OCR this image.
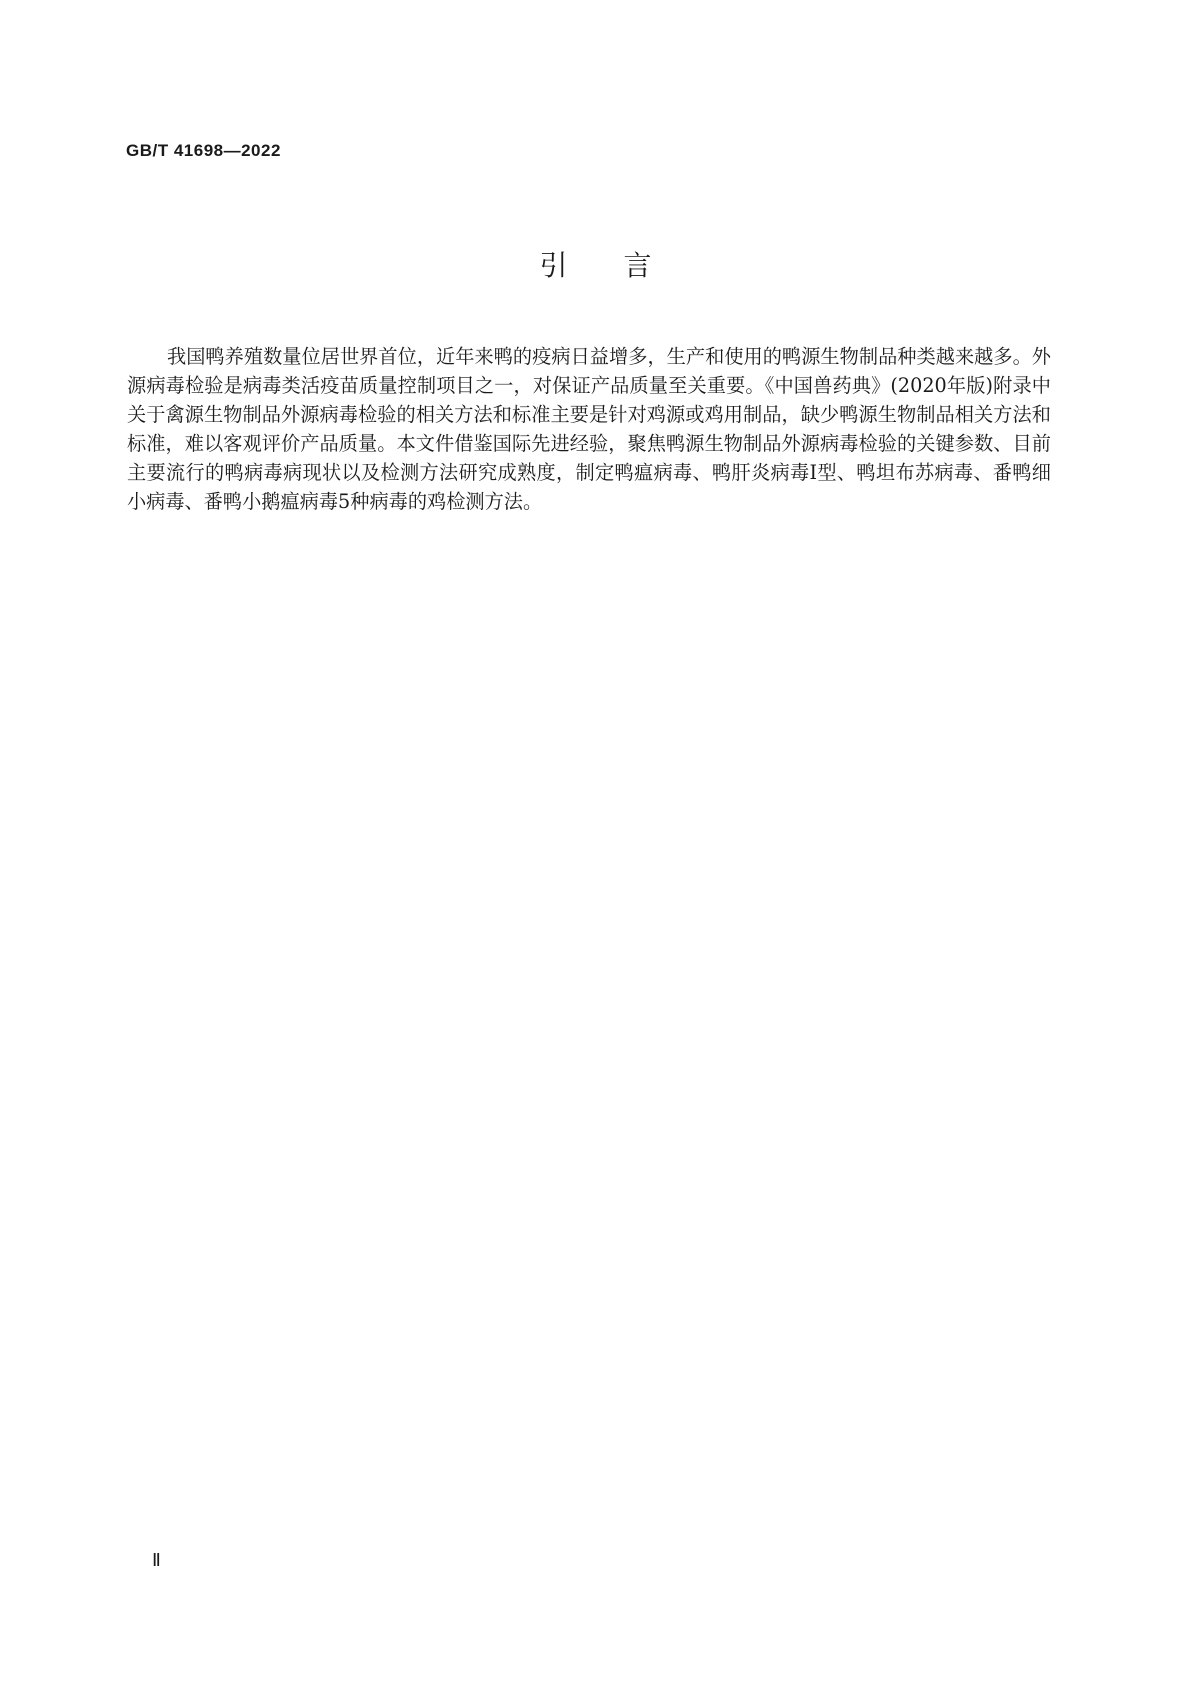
GB/T 41698—2022
引言

我国鸭养殖数量位居世界首位，近年来鸭的疫病日益增多，生产和使用的鸭源生物制品种类越来越多。外源病毒检验是病毒类活疫苗质量控制项目之一，对保证产品质量至关重要。《中国兽药典》(2020年版)附录中关于禽源生物制品外源病毒检验的相关方法和标准主要是针对鸡源或鸡用制品，缺少鸭源生物制品相关方法和标准，难以客观评价产品质量。本文件借鉴国际先进经验，聚焦鸭源生物制品外源病毒检验的关键参数、目前主要流行的鸭病毒病现状以及检测方法研究成熟度，制定鸭瘟病毒、鸭肝炎病毒Ⅰ型、鸭坦布苏病毒、番鸭细小病毒、番鸭小鹅瘟病毒5种病毒的鸡检测方法。

Ⅱ
